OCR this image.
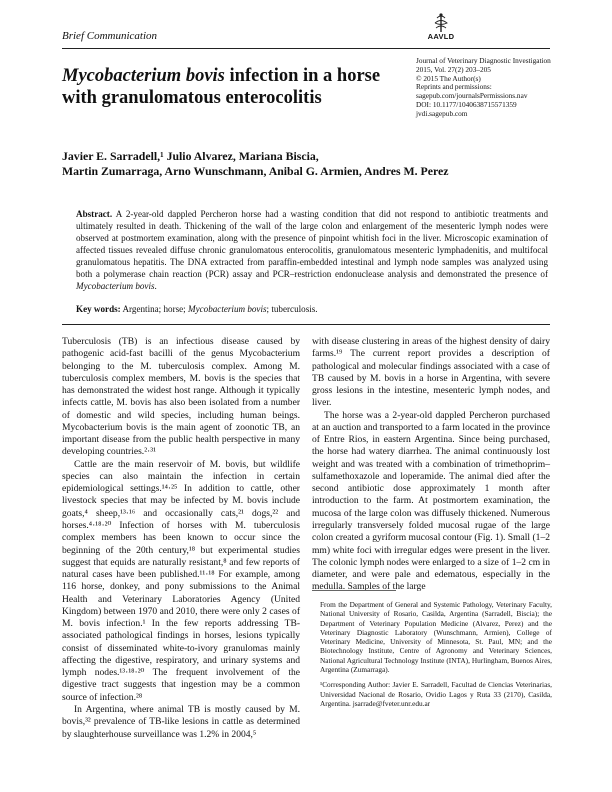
Brief Communication	AAVLD
Mycobacterium bovis infection in a horse with granulomatous enterocolitis
Journal of Veterinary Diagnostic Investigation
2015, Vol. 27(2) 203–205
© 2015 The Author(s)
Reprints and permissions:
sagepub.com/journalsPermissions.nav
DOI: 10.1177/1040638715571359
jvdi.sagepub.com
Javier E. Sarradell,¹ Julio Alvarez, Mariana Biscia,
Martin Zumarraga, Arno Wunschmann, Anibal G. Armien, Andres M. Perez
Abstract. A 2-year-old dappled Percheron horse had a wasting condition that did not respond to antibiotic treatments and ultimately resulted in death. Thickening of the wall of the large colon and enlargement of the mesenteric lymph nodes were observed at postmortem examination, along with the presence of pinpoint whitish foci in the liver. Microscopic examination of affected tissues revealed diffuse chronic granulomatous enterocolitis, granulomatous mesenteric lymphadenitis, and multifocal granulomatous hepatitis. The DNA extracted from paraffin-embedded intestinal and lymph node samples was analyzed using both a polymerase chain reaction (PCR) assay and PCR–restriction endonuclease analysis and demonstrated the presence of Mycobacterium bovis.
Key words: Argentina; horse; Mycobacterium bovis; tuberculosis.

Tuberculosis (TB) is an infectious disease caused by pathogenic acid-fast bacilli of the genus Mycobacterium belonging to the M. tuberculosis complex. Among M. tuberculosis complex members, M. bovis is the species that has demonstrated the widest host range. Although it typically infects cattle, M. bovis has also been isolated from a number of domestic and wild species, including human beings. Mycobacterium bovis is the main agent of zoonotic TB, an important disease from the public health perspective in many developing countries.²·³¹

Cattle are the main reservoir of M. bovis, but wildlife species can also maintain the infection in certain epidemiological settings.¹⁴·²⁵ In addition to cattle, other livestock species that may be infected by M. bovis include goats,⁴ sheep,¹³·¹⁶ and occasionally cats,²¹ dogs,²² and horses.⁴·¹⁸·²⁰ Infection of horses with M. tuberculosis complex members has been known to occur since the beginning of the 20th century,¹⁸ but experimental studies suggest that equids are naturally resistant,⁸ and few reports of natural cases have been published.¹¹·¹⁸ For example, among 116 horse, donkey, and pony submissions to the Animal Health and Veterinary Laboratories Agency (United Kingdom) between 1970 and 2010, there were only 2 cases of M. bovis infection.¹ In the few reports addressing TB-associated pathological findings in horses, lesions typically consist of disseminated white-to-ivory granulomas mainly affecting the digestive, respiratory, and urinary systems and lymph nodes.¹³·¹⁸·²⁰ The frequent involvement of the digestive tract suggests that ingestion may be a common source of infection.²⁸

In Argentina, where animal TB is mostly caused by M. bovis,³² prevalence of TB-like lesions in cattle as determined by slaughterhouse surveillance was 1.2% in 2004,⁵

with disease clustering in areas of the highest density of dairy farms.¹⁹ The current report provides a description of pathological and molecular findings associated with a case of TB caused by M. bovis in a horse in Argentina, with severe gross lesions in the intestine, mesenteric lymph nodes, and liver.

The horse was a 2-year-old dappled Percheron purchased at an auction and transported to a farm located in the province of Entre Rios, in eastern Argentina. Since being purchased, the horse had watery diarrhea. The animal continuously lost weight and was treated with a combination of trimethoprim–sulfamethoxazole and loperamide. The animal died after the second antibiotic dose approximately 1 month after introduction to the farm. At postmortem examination, the mucosa of the large colon was diffusely thickened. Numerous irregularly transversely folded mucosal rugae of the large colon created a gyriform mucosal contour (Fig. 1). Small (1–2 mm) white foci with irregular edges were present in the liver. The colonic lymph nodes were enlarged to a size of 1–2 cm in diameter, and were pale and edematous, especially in the medulla. Samples of the large

From the Department of General and Systemic Pathology, Veterinary Faculty, National University of Rosario, Casilda, Argentina (Sarradell, Biscia); the Department of Veterinary Population Medicine (Alvarez, Perez) and the Veterinary Diagnostic Laboratory (Wunschmann, Armien), College of Veterinary Medicine, University of Minnesota, St. Paul, MN; and the Biotechnology Institute, Centre of Agronomy and Veterinary Sciences, National Agricultural Technology Institute (INTA), Hurlingham, Buenos Aires, Argentina (Zumarraga).

¹Corresponding Author: Javier E. Sarradell, Facultad de Ciencias Veterinarias, Universidad Nacional de Rosario, Ovidio Lagos y Ruta 33 (2170), Casilda, Argentina. jsarrade@fveter.unr.edu.ar
